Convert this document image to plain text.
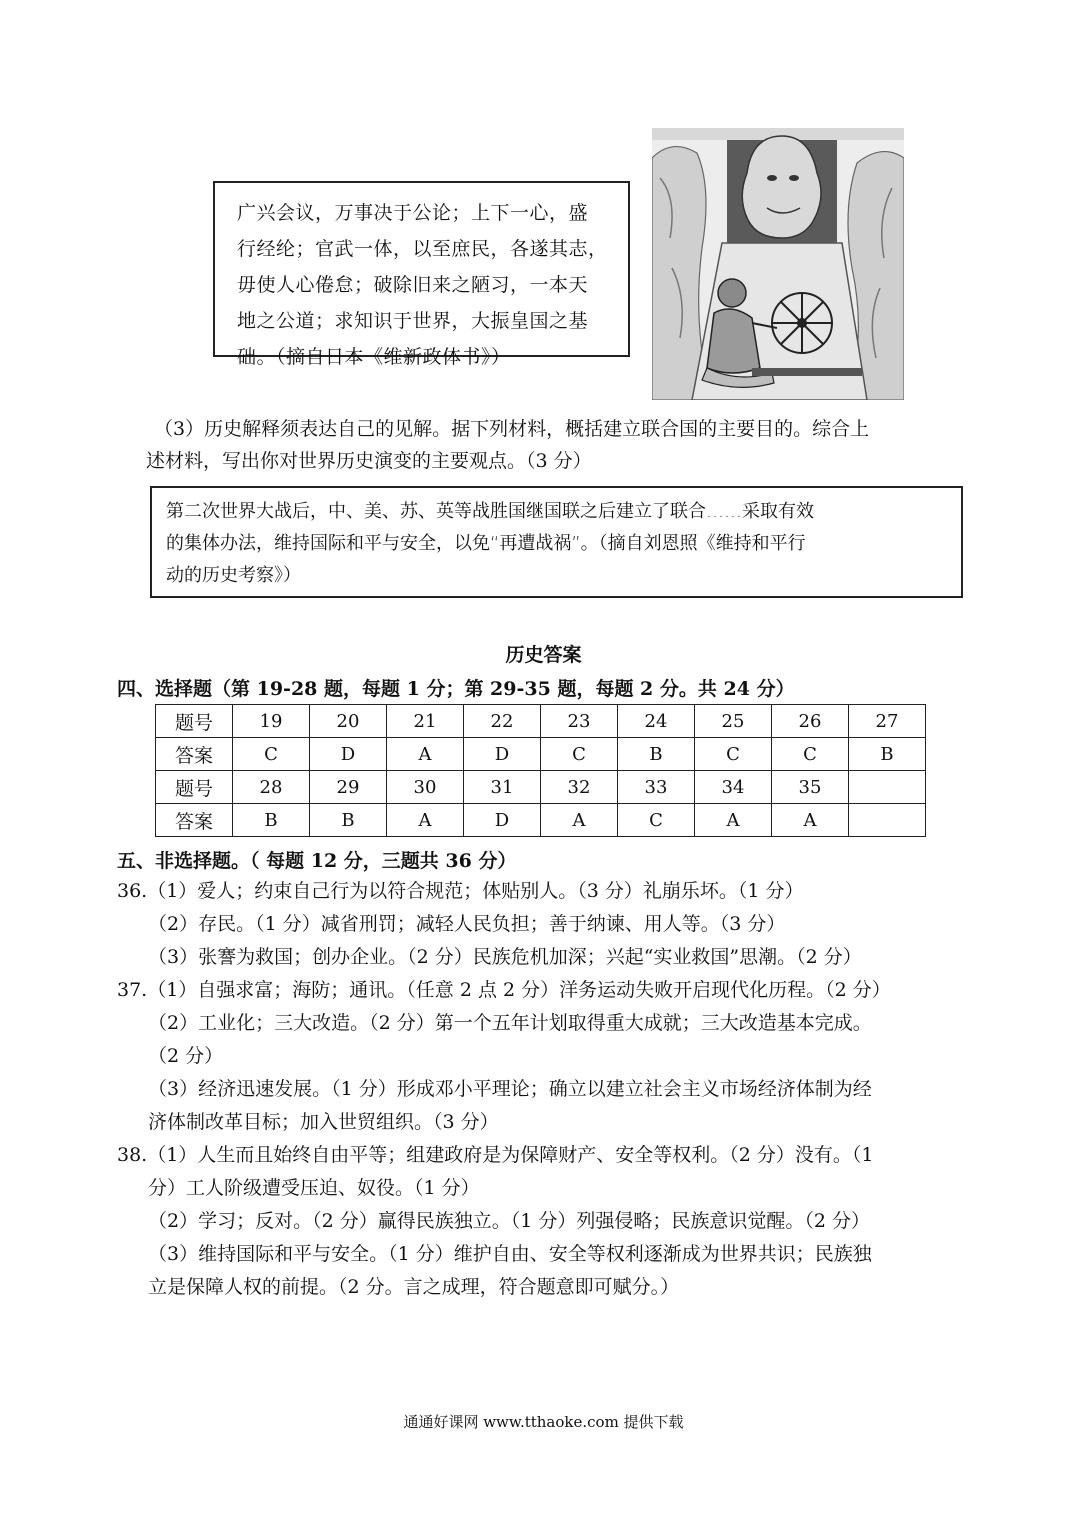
广兴会议，万事决于公论；上下一心，盛
行经纶；官武一体，以至庶民，各遂其志，
毋使人心倦怠；破除旧来之陋习，一本天
地之公道；求知识于世界，大振皇国之基
础。（摘自日本《维新政体书》）
（3）历史解释须表达自己的见解。据下列材料，概括建立联合国的主要目的。综合上
述材料，写出你对世界历史演变的主要观点。（3 分）
第二次世界大战后，中、美、苏、英等战胜国继国联之后建立了联合……采取有效
的集体办法，维持国际和平与安全，以免“再遭战祸”。（摘自刘恩照《维持和平行
动的历史考察》）
历史答案
四、选择题（第 19-28 题，每题 1 分；第 29-35 题，每题 2 分。共 24 分）
题号	19	20	21	22	23	24	25	26	27
答案	C	D	A	D	C	B	C	C	B
题号	28	29	30	31	32	33	34	35	
答案	B	B	A	D	A	C	A	A	
五、非选择题。（ 每题 12 分，三题共 36 分）
36.（1）爱人；约束自己行为以符合规范；体贴别人。（3 分）礼崩乐坏。（1 分）
（2）存民。（1 分）减省刑罚；减轻人民负担；善于纳谏、用人等。（3 分）
（3）张謇为救国；创办企业。（2 分）民族危机加深；兴起“实业救国”思潮。（2 分）
37.（1）自强求富；海防；通讯。（任意 2 点 2 分）洋务运动失败开启现代化历程。（2 分）
（2）工业化；三大改造。（2 分）第一个五年计划取得重大成就；三大改造基本完成。
（2 分）
（3）经济迅速发展。（1 分）形成邓小平理论；确立以建立社会主义市场经济体制为经
济体制改革目标；加入世贸组织。（3 分）
38.（1）人生而且始终自由平等；组建政府是为保障财产、安全等权利。（2 分）没有。（1
分）工人阶级遭受压迫、奴役。（1 分）
（2）学习；反对。（2 分）赢得民族独立。（1 分）列强侵略；民族意识觉醒。（2 分）
（3）维持国际和平与安全。（1 分）维护自由、安全等权利逐渐成为世界共识；民族独
立是保障人权的前提。（2 分。言之成理，符合题意即可赋分。）
通通好课网 www.tthaoke.com 提供下载
